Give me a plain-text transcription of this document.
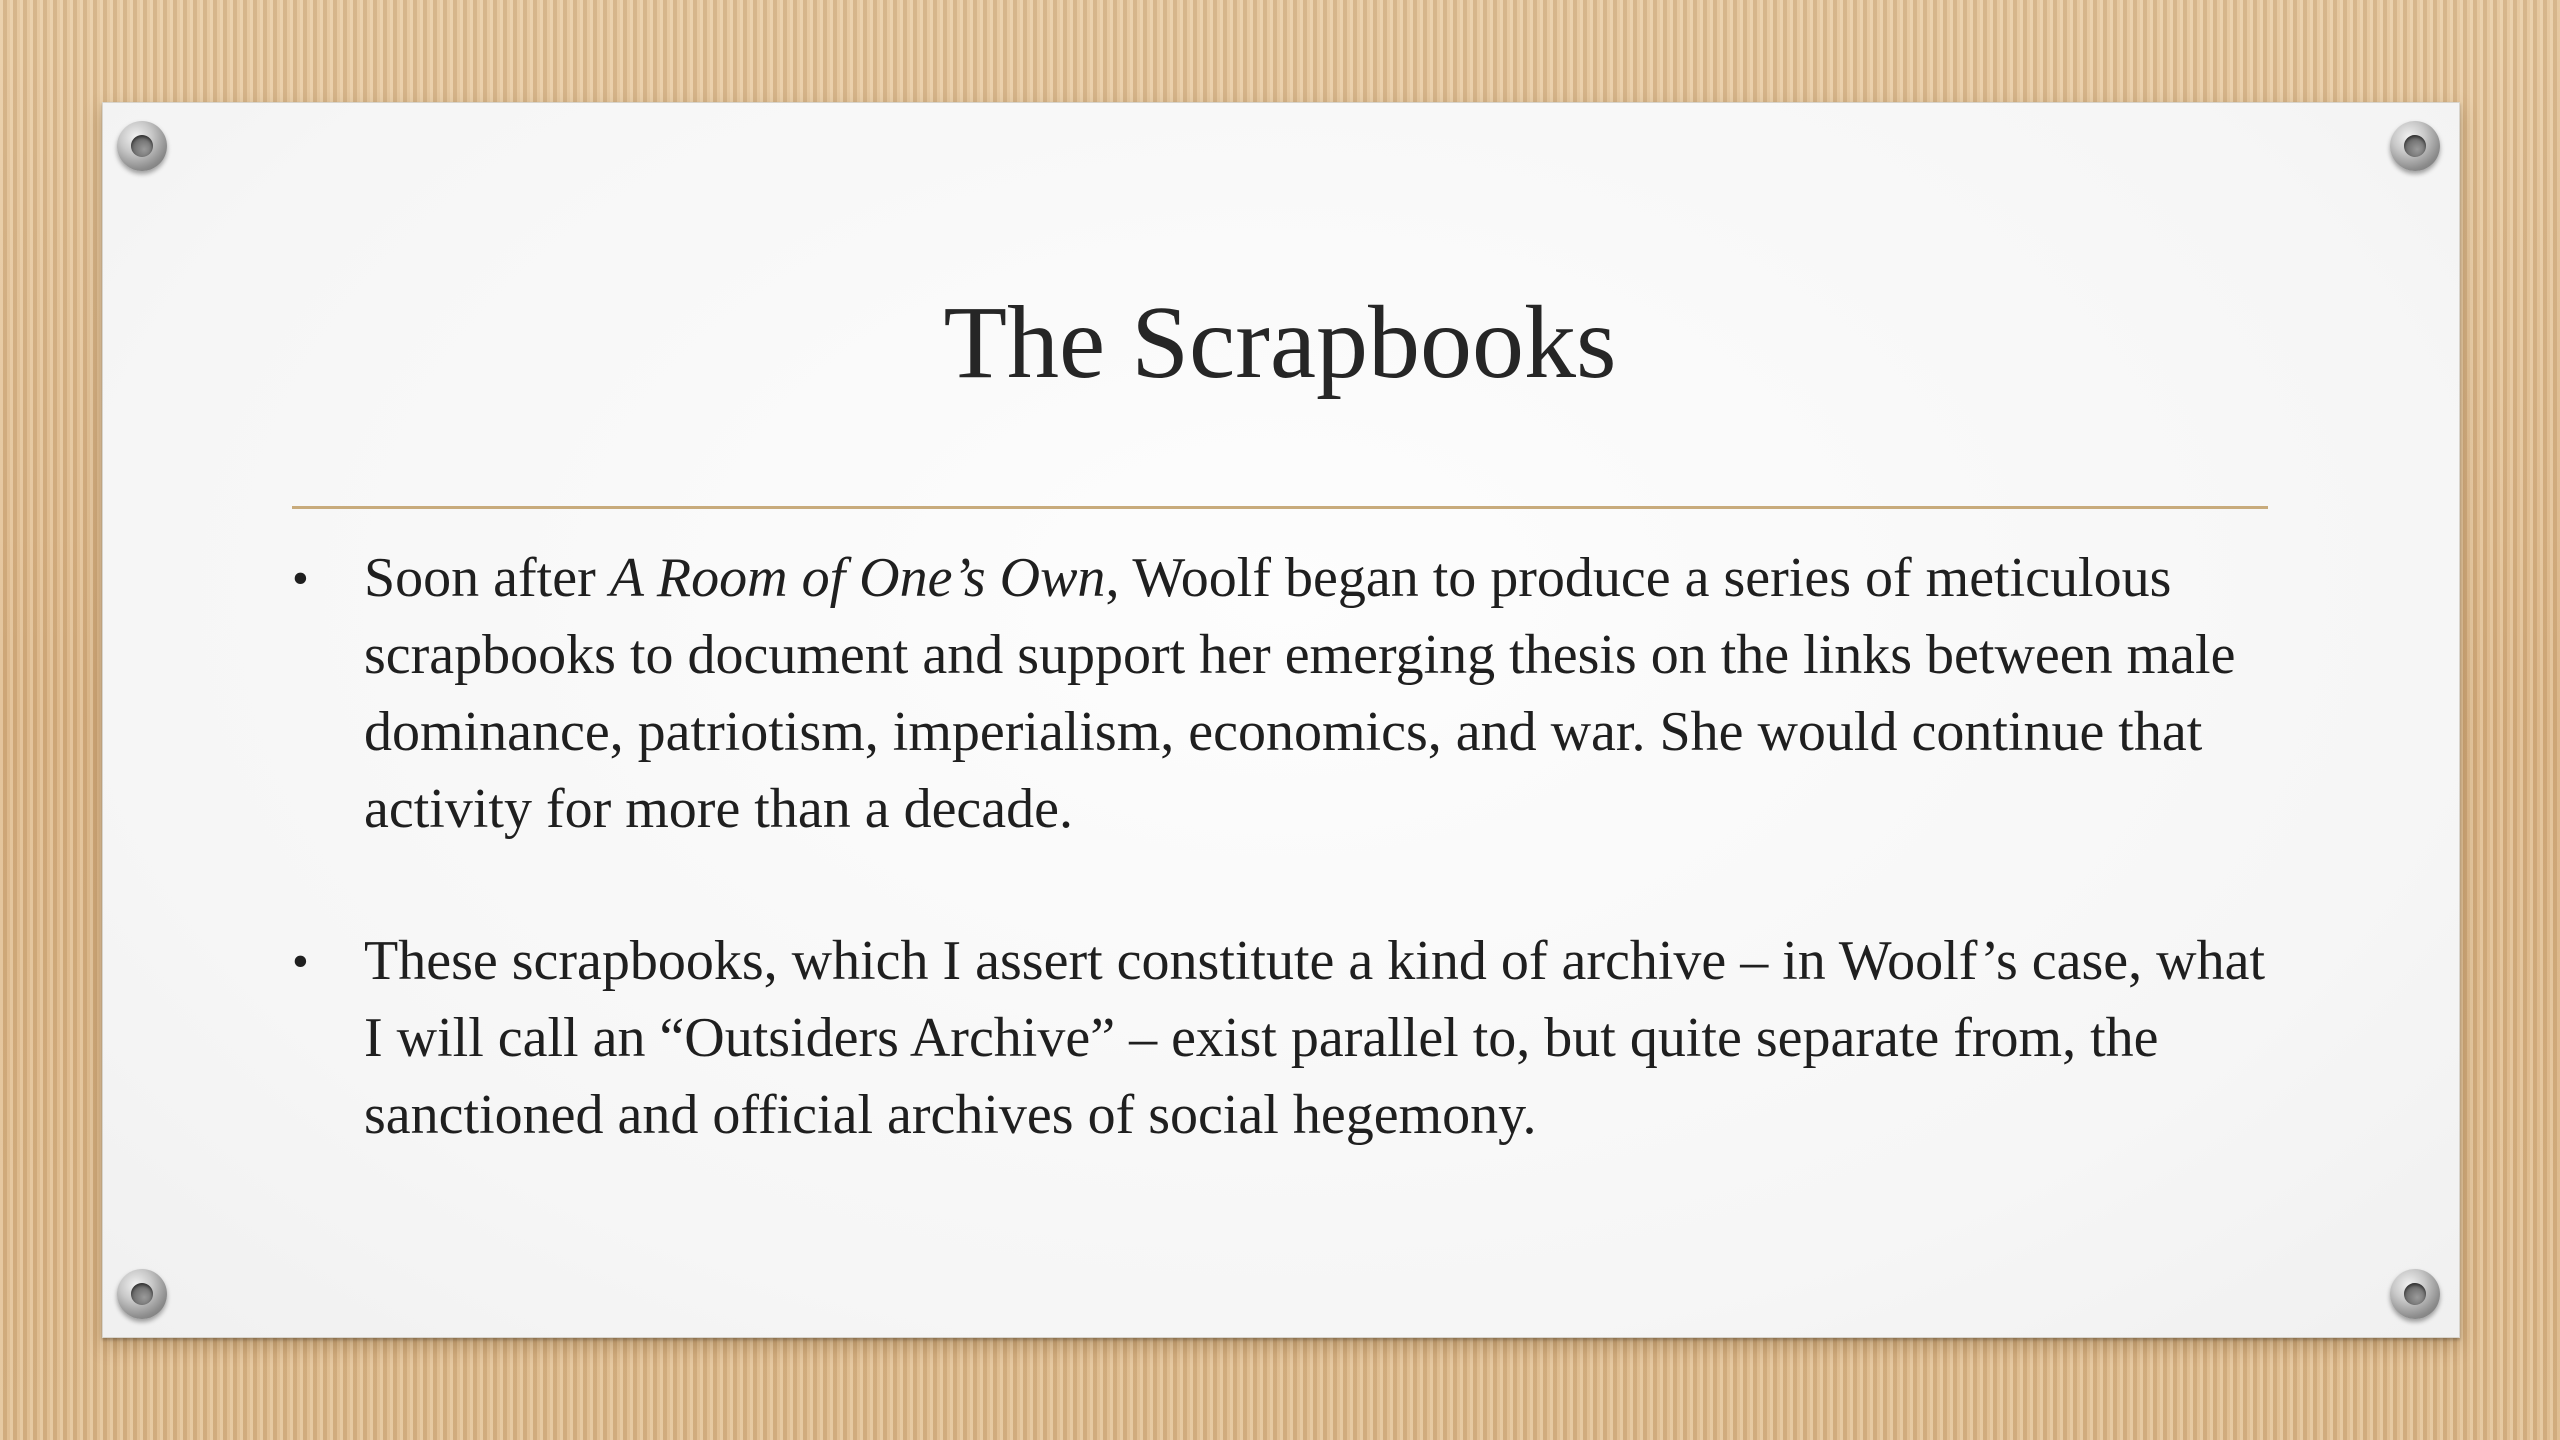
The Scrapbooks
• Soon after A Room of One’s Own, Woolf began to produce a series of meticulous scrapbooks to document and support her emerging thesis on the links between male dominance, patriotism, imperialism, economics, and war. She would continue that activity for more than a decade.
• These scrapbooks, which I assert constitute a kind of archive – in Woolf’s case, what I will call an “Outsiders Archive” – exist parallel to, but quite separate from, the sanctioned and official archives of social hegemony.
